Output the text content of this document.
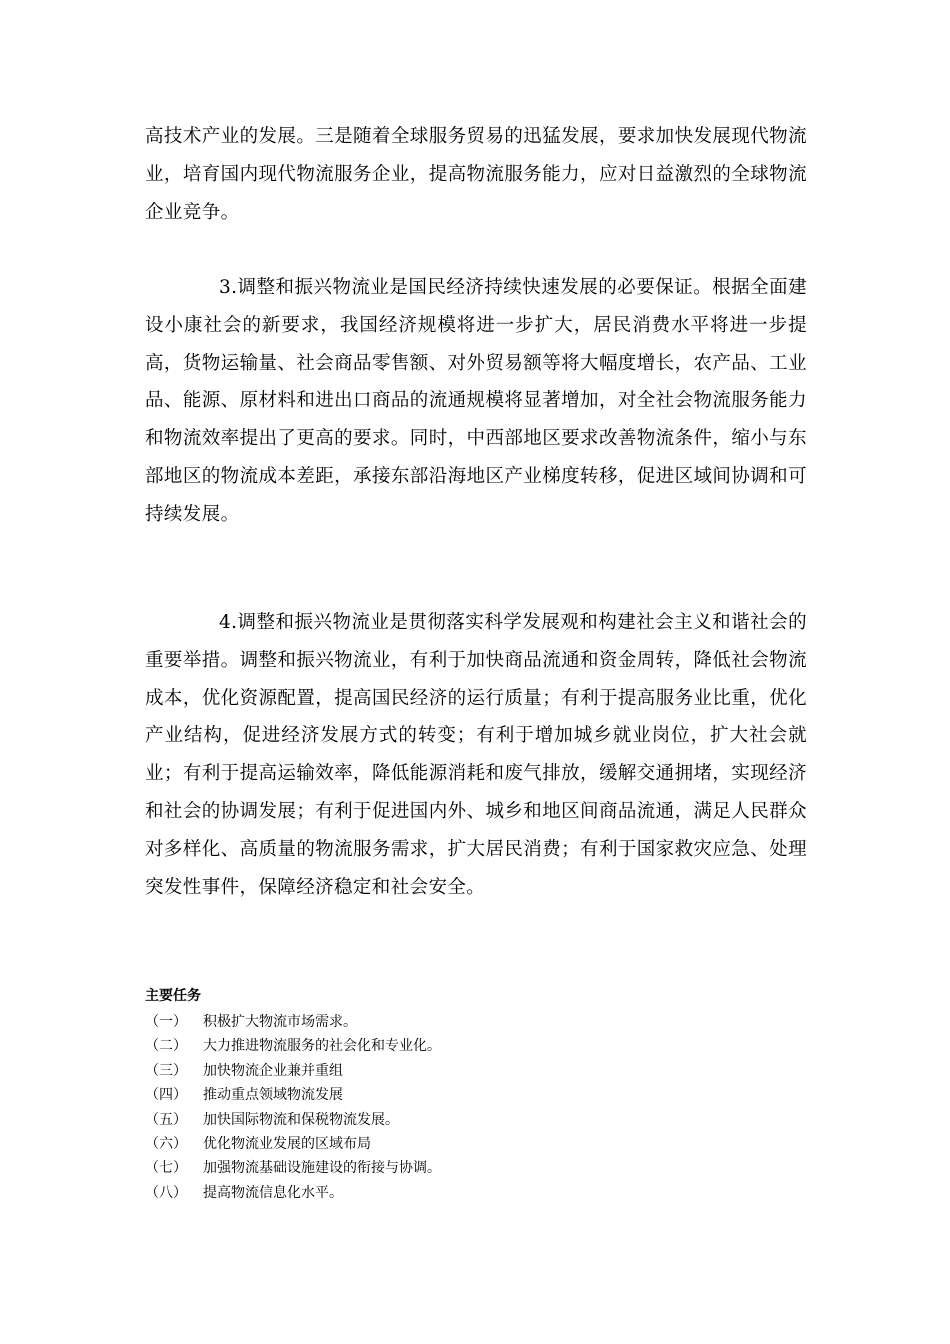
高技术产业的发展。三是随着全球服务贸易的迅猛发展，要求加快发展现代物流业，培育国内现代物流服务企业，提高物流服务能力，应对日益激烈的全球物流企业竞争。

3.调整和振兴物流业是国民经济持续快速发展的必要保证。根据全面建设小康社会的新要求，我国经济规模将进一步扩大，居民消费水平将进一步提高，货物运输量、社会商品零售额、对外贸易额等将大幅度增长，农产品、工业品、能源、原材料和进出口商品的流通规模将显著增加，对全社会物流服务能力和物流效率提出了更高的要求。同时，中西部地区要求改善物流条件，缩小与东部地区的物流成本差距，承接东部沿海地区产业梯度转移，促进区域间协调和可持续发展。

4.调整和振兴物流业是贯彻落实科学发展观和构建社会主义和谐社会的重要举措。调整和振兴物流业，有利于加快商品流通和资金周转，降低社会物流成本，优化资源配置，提高国民经济的运行质量；有利于提高服务业比重，优化产业结构，促进经济发展方式的转变；有利于增加城乡就业岗位，扩大社会就业；有利于提高运输效率，降低能源消耗和废气排放，缓解交通拥堵，实现经济和社会的协调发展；有利于促进国内外、城乡和地区间商品流通，满足人民群众对多样化、高质量的物流服务需求，扩大居民消费；有利于国家救灾应急、处理突发性事件，保障经济稳定和社会安全。

主要任务
（一） 积极扩大物流市场需求。
（二） 大力推进物流服务的社会化和专业化。
（三） 加快物流企业兼并重组
（四） 推动重点领域物流发展
（五） 加快国际物流和保税物流发展。
（六） 优化物流业发展的区域布局
（七） 加强物流基础设施建设的衔接与协调。
（八） 提高物流信息化水平。
